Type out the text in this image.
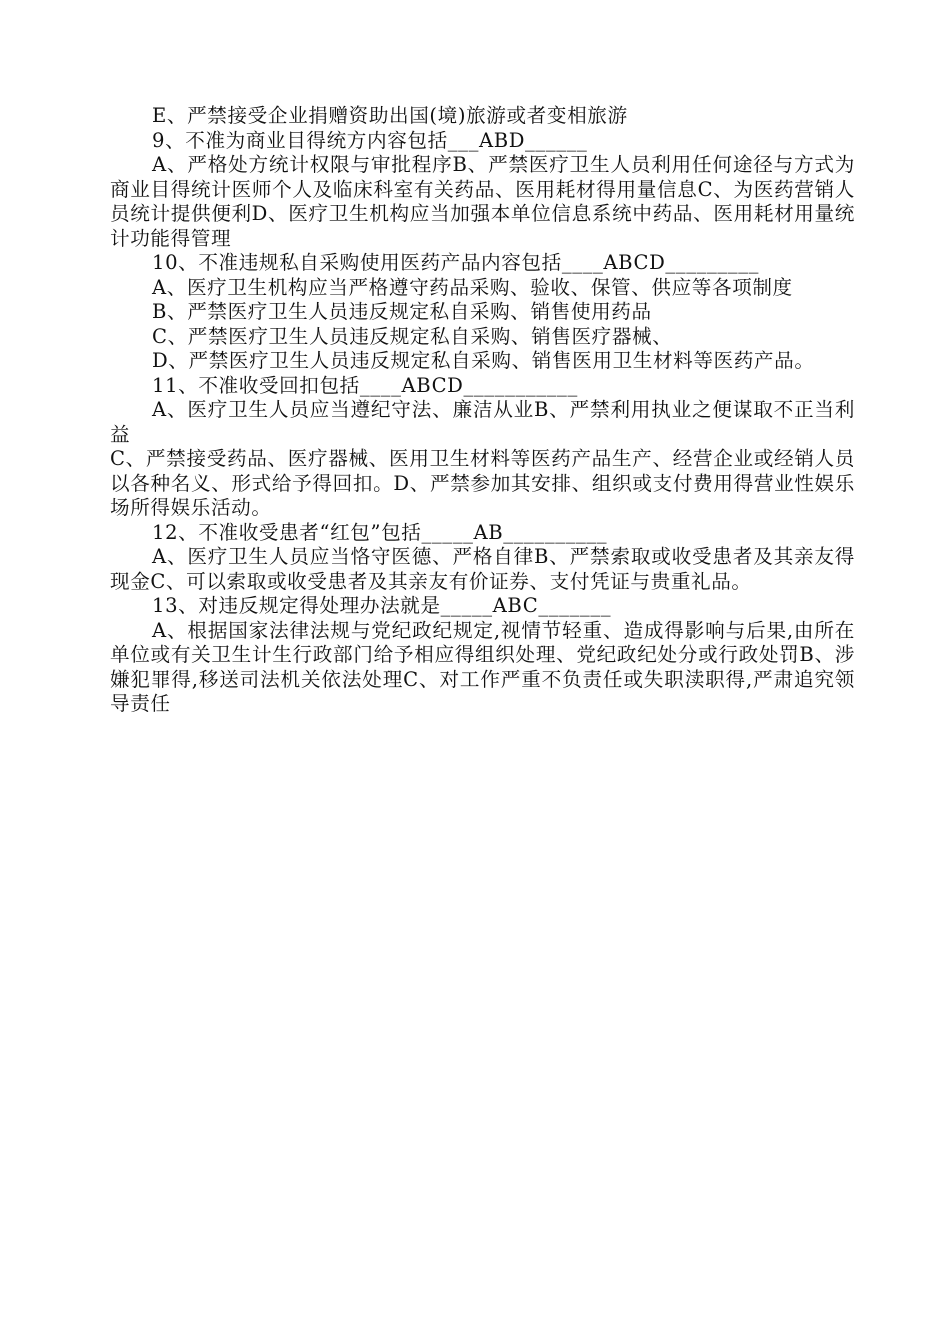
E、严禁接受企业捐赠资助出国(境)旅游或者变相旅游

9、不准为商业目得统方内容包括___ABD______

A、严格处方统计权限与审批程序B、严禁医疗卫生人员利用任何途径与方式为商业目得统计医师个人及临床科室有关药品、医用耗材得用量信息C、为医药营销人员统计提供便利D、医疗卫生机构应当加强本单位信息系统中药品、医用耗材用量统计功能得管理

10、不准违规私自采购使用医药产品内容包括____ABCD_________

A、医疗卫生机构应当严格遵守药品采购、验收、保管、供应等各项制度

B、严禁医疗卫生人员违反规定私自采购、销售使用药品

C、严禁医疗卫生人员违反规定私自采购、销售医疗器械、

D、严禁医疗卫生人员违反规定私自采购、销售医用卫生材料等医药产品。

11、不准收受回扣包括____ABCD___________

A、医疗卫生人员应当遵纪守法、廉洁从业B、严禁利用执业之便谋取不正当利益

C、严禁接受药品、医疗器械、医用卫生材料等医药产品生产、经营企业或经销人员以各种名义、形式给予得回扣。D、严禁参加其安排、组织或支付费用得营业性娱乐场所得娱乐活动。

12、不准收受患者“红包”包括_____AB__________

A、医疗卫生人员应当恪守医德、严格自律B、严禁索取或收受患者及其亲友得现金C、可以索取或收受患者及其亲友有价证券、支付凭证与贵重礼品。

13、对违反规定得处理办法就是_____ABC_______

A、根据国家法律法规与党纪政纪规定,视情节轻重、造成得影响与后果,由所在单位或有关卫生计生行政部门给予相应得组织处理、党纪政纪处分或行政处罚B、涉嫌犯罪得,移送司法机关依法处理C、对工作严重不负责任或失职渎职得,严肃追究领导责任
